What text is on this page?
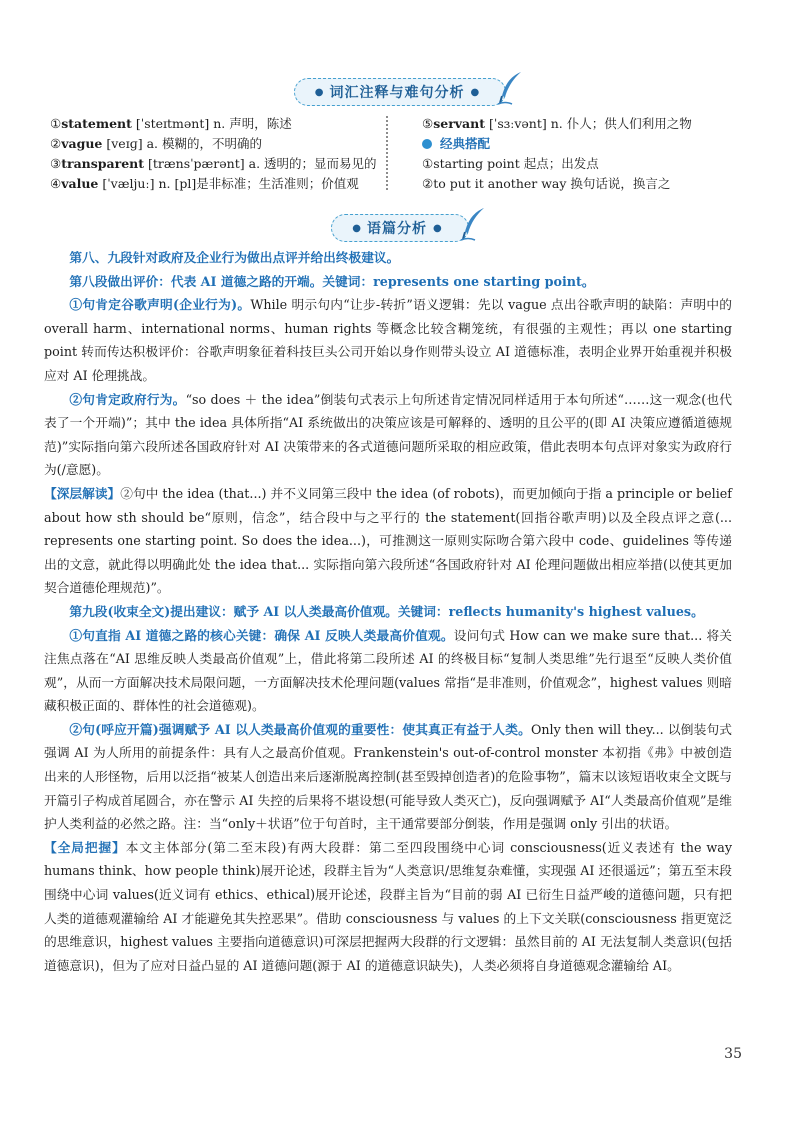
● 词汇注释与难句分析 ●
①statement [ˈsteɪtmənt] n. 声明，陈述
②vague [veɪɡ] a. 模糊的，不明确的
③transparent [trænsˈpærənt] a. 透明的；显而易见的
④value [ˈvæljuː] n. [pl]是非标准；生活准则；价值观
⑤servant [ˈsɜːvənt] n. 仆人；供人们利用之物
经典搭配
①starting point 起点；出发点
②to put it another way 换句话说，换言之
● 语篇分析 ●

第八、九段针对政府及企业行为做出点评并给出终极建议。

第八段做出评价：代表 AI 道德之路的开端。关键词：represents one starting point。

①句肯定谷歌声明(企业行为)。While 明示句内“让步-转折”语义逻辑：先以 vague 点出谷歌声明的缺陷：声明中的 overall harm、international norms、human rights 等概念比较含糊笼统，有很强的主观性；再以 one starting point 转而传达积极评价：谷歌声明象征着科技巨头公司开始以身作则带头设立 AI 道德标准，表明企业界开始重视并积极应对 AI 伦理挑战。

②句肯定政府行为。“so does ＋ the idea”倒装句式表示上句所述肯定情况同样适用于本句所述“……这一观念(也代表了一个开端)”；其中 the idea 具体所指“AI 系统做出的决策应该是可解释的、透明的且公平的(即 AI 决策应遵循道德规范)”实际指向第六段所述各国政府针对 AI 决策带来的各式道德问题所采取的相应政策，借此表明本句点评对象实为政府行为(/意愿)。

【深层解读】②句中 the idea (that...) 并不义同第三段中 the idea (of robots)，而更加倾向于指 a principle or belief about how sth should be“原则，信念”，结合段中与之平行的 the statement(回指谷歌声明)以及全段点评之意(... represents one starting point. So does the idea...)，可推测这一原则实际吻合第六段中 code、guidelines 等传递出的文意，就此得以明确此处 the idea that... 实际指向第六段所述“各国政府针对 AI 伦理问题做出相应举措(以使其更加契合道德伦理规范)”。

第九段(收束全文)提出建议：赋予 AI 以人类最高价值观。关键词：reflects humanity's highest values。

①句直指 AI 道德之路的核心关键：确保 AI 反映人类最高价值观。设问句式 How can we make sure that... 将关注焦点落在“AI 思维反映人类最高价值观”上，借此将第二段所述 AI 的终极目标“复制人类思维”先行退至“反映人类价值观”，从而一方面解决技术局限问题，一方面解决技术伦理问题(values 常指“是非准则，价值观念”，highest values 则暗藏积极正面的、群体性的社会道德观)。

②句(呼应开篇)强调赋予 AI 以人类最高价值观的重要性：使其真正有益于人类。Only then will they... 以倒装句式强调 AI 为人所用的前提条件：具有人之最高价值观。Frankenstein's out-of-control monster 本初指《弗》中被创造出来的人形怪物，后用以泛指“被某人创造出来后逐渐脱离控制(甚至毁掉创造者)的危险事物”，篇末以该短语收束全文既与开篇引子构成首尾圆合，亦在警示 AI 失控的后果将不堪设想(可能导致人类灭亡)，反向强调赋予 AI“人类最高价值观”是维护人类利益的必然之路。注：当“only＋状语”位于句首时，主干通常要部分倒装，作用是强调 only 引出的状语。

【全局把握】本文主体部分(第二至末段)有两大段群：第二至四段围绕中心词 consciousness(近义表述有 the way humans think、how people think)展开论述，段群主旨为“人类意识/思维复杂难懂，实现强 AI 还很遥远”；第五至末段围绕中心词 values(近义词有 ethics、ethical)展开论述，段群主旨为“目前的弱 AI 已衍生日益严峻的道德问题，只有把人类的道德观灌输给 AI 才能避免其失控恶果”。借助 consciousness 与 values 的上下文关联(consciousness 指更宽泛的思维意识，highest values 主要指向道德意识)可深层把握两大段群的行文逻辑：虽然目前的 AI 无法复制人类意识(包括道德意识)，但为了应对日益凸显的 AI 道德问题(源于 AI 的道德意识缺失)，人类必须将自身道德观念灌输给 AI。

35
